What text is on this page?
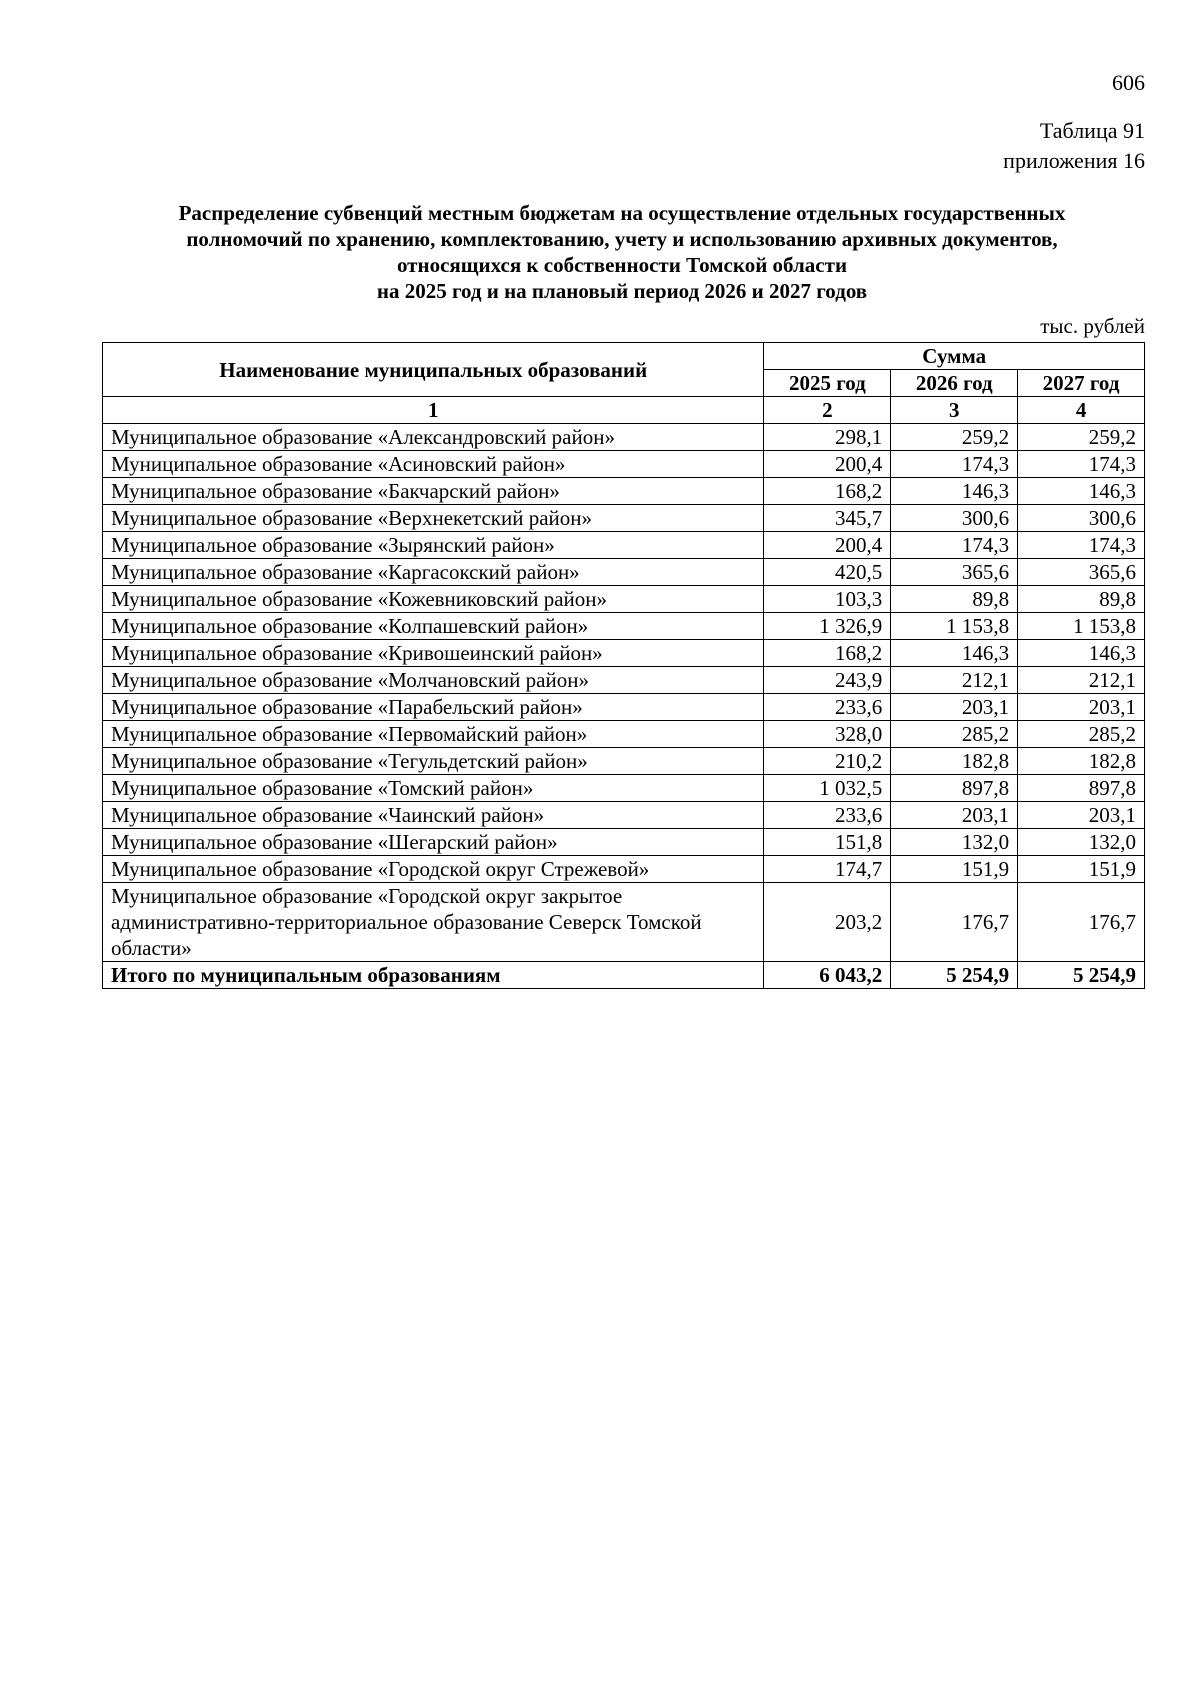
606
Таблица 91
приложения 16
Распределение субвенций местным бюджетам на осуществление отдельных государственных
полномочий по хранению, комплектованию, учету и использованию архивных документов,
относящихся к собственности Томской области
на 2025 год и на плановый период 2026 и 2027 годов
тыс. рублей
Наименование муниципальных образований	Сумма		
	2025 год	2026 год	2027 год
1	2	3	4
Муниципальное образование «Александровский район»	298,1	259,2	259,2
Муниципальное образование «Асиновский район»	200,4	174,3	174,3
Муниципальное образование «Бакчарский район»	168,2	146,3	146,3
Муниципальное образование «Верхнекетский район»	345,7	300,6	300,6
Муниципальное образование «Зырянский район»	200,4	174,3	174,3
Муниципальное образование «Каргасокский район»	420,5	365,6	365,6
Муниципальное образование «Кожевниковский район»	103,3	89,8	89,8
Муниципальное образование «Колпашевский район»	1 326,9	1 153,8	1 153,8
Муниципальное образование «Кривошеинский район»	168,2	146,3	146,3
Муниципальное образование «Молчановский район»	243,9	212,1	212,1
Муниципальное образование «Парабельский район»	233,6	203,1	203,1
Муниципальное образование «Первомайский район»	328,0	285,2	285,2
Муниципальное образование «Тегульдетский район»	210,2	182,8	182,8
Муниципальное образование «Томский район»	1 032,5	897,8	897,8
Муниципальное образование «Чаинский район»	233,6	203,1	203,1
Муниципальное образование «Шегарский район»	151,8	132,0	132,0
Муниципальное образование «Городской округ Стрежевой»	174,7	151,9	151,9
Муниципальное образование «Городской округ закрытое административно-территориальное образование Северск Томской области»	203,2	176,7	176,7
Итого по муниципальным образованиям	6 043,2	5 254,9	5 254,9
